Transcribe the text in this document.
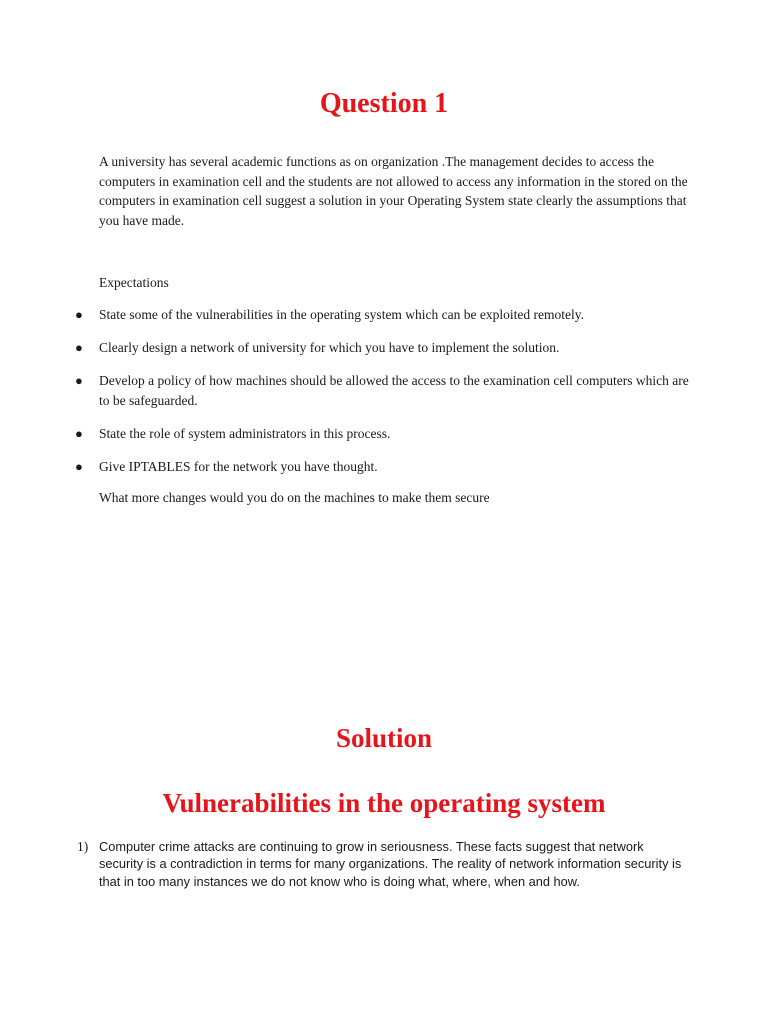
Question 1

A university has several academic functions as on organization .The management decides to access the computers in examination cell and the students are not allowed to access any information in the stored on the computers in examination cell suggest a solution in your Operating System state clearly the assumptions that you have made.

Expectations

● State some of the vulnerabilities in the operating system which can be exploited remotely.
● Clearly design a network of university for which you have to implement the solution.
● Develop a policy of how machines should be allowed the access to the examination cell computers which are to be safeguarded.
● State the role of system administrators in this process.
● Give IPTABLES for the network you have thought.

What more changes would you do on the machines to make them secure

Solution
Vulnerabilities in the operating system
1) Computer crime attacks are continuing to grow in seriousness. These facts suggest that network security is a contradiction in terms for many organizations. The reality of network information security is that in too many instances we do not know who is doing what, where, when and how.
